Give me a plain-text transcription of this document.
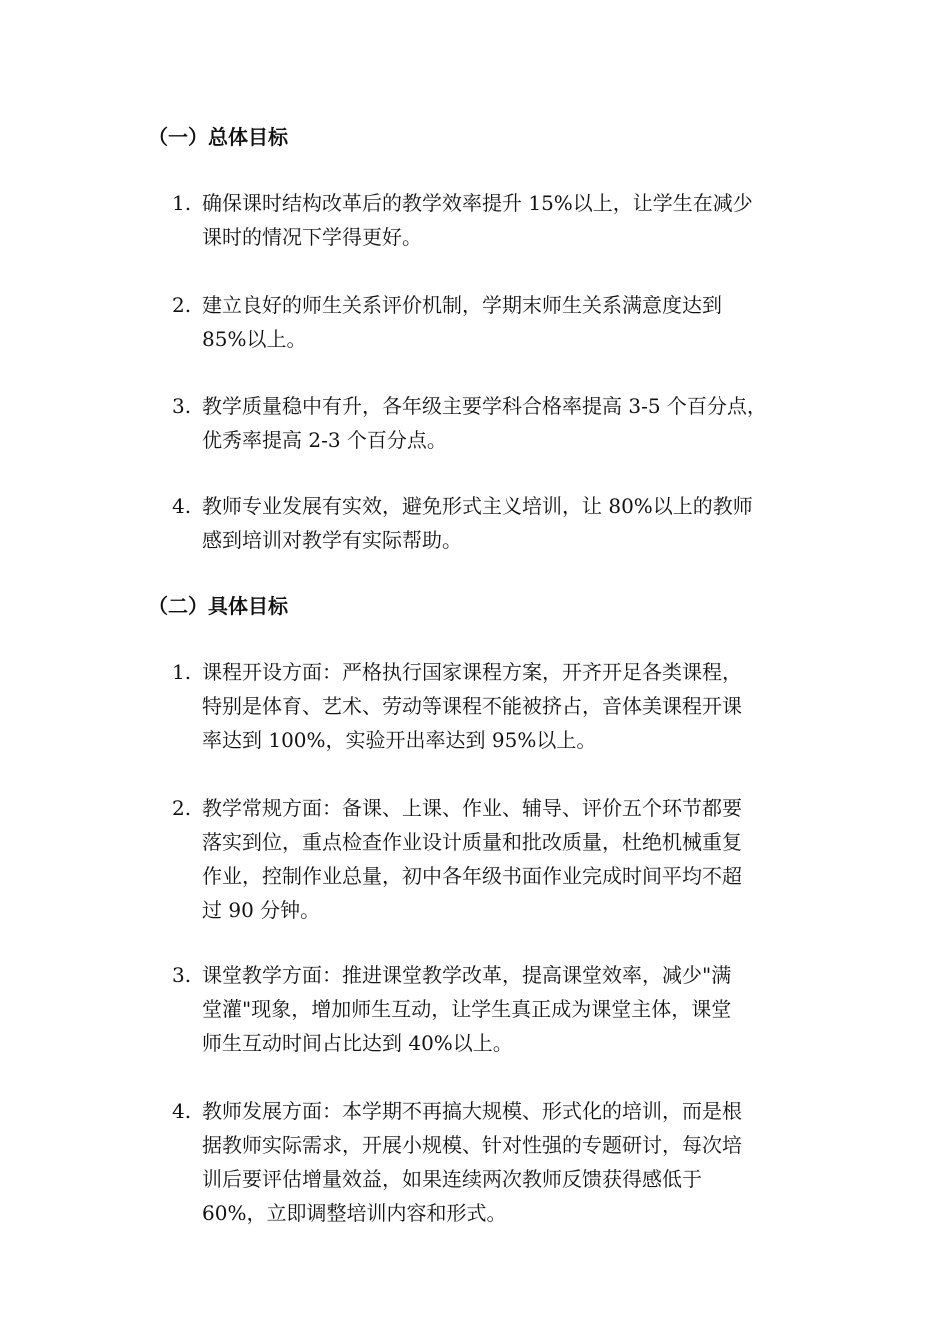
（一）总体目标
1. 确保课时结构改革后的教学效率提升 15%以上，让学生在减少
课时的情况下学得更好。
2. 建立良好的师生关系评价机制，学期末师生关系满意度达到
85%以上。
3. 教学质量稳中有升，各年级主要学科合格率提高 3-5 个百分点，
优秀率提高 2-3 个百分点。
4. 教师专业发展有实效，避免形式主义培训，让 80%以上的教师
感到培训对教学有实际帮助。
（二）具体目标
1. 课程开设方面：严格执行国家课程方案，开齐开足各类课程，
特别是体育、艺术、劳动等课程不能被挤占，音体美课程开课
率达到 100%，实验开出率达到 95%以上。
2. 教学常规方面：备课、上课、作业、辅导、评价五个环节都要
落实到位，重点检查作业设计质量和批改质量，杜绝机械重复
作业，控制作业总量，初中各年级书面作业完成时间平均不超
过 90 分钟。
3. 课堂教学方面：推进课堂教学改革，提高课堂效率，减少"满
堂灌"现象，增加师生互动，让学生真正成为课堂主体，课堂
师生互动时间占比达到 40%以上。
4. 教师发展方面：本学期不再搞大规模、形式化的培训，而是根
据教师实际需求，开展小规模、针对性强的专题研讨，每次培
训后要评估增量效益，如果连续两次教师反馈获得感低于
60%，立即调整培训内容和形式。
